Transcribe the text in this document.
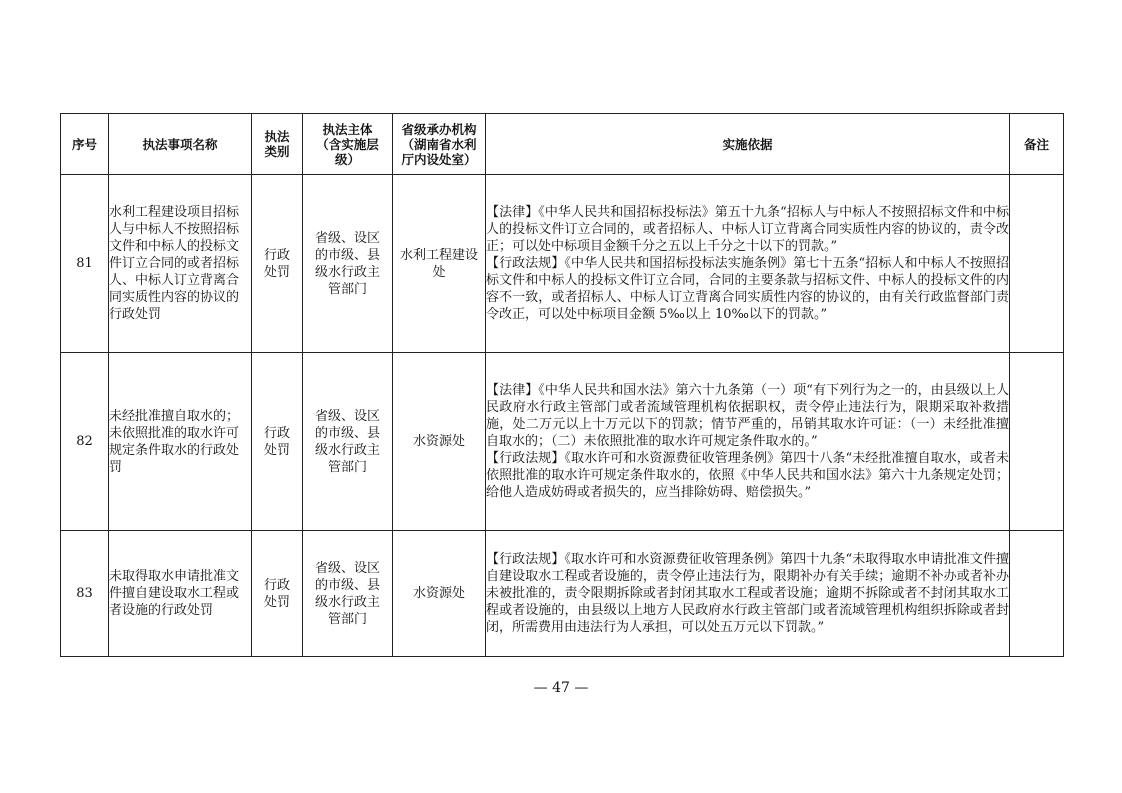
序号	执法事项名称	执法类别	执法主体（含实施层级）	省级承办机构（湖南省水利厅内设处室）	实施依据	备注
81	水利工程建设项目招标人与中标人不按照招标文件和中标人的投标文件订立合同的或者招标人、中标人订立背离合同实质性内容的协议的行政处罚	行政处罚	省级、设区的市级、县级水行政主管部门	水利工程建设处	【法律】《中华人民共和国招标投标法》第五十九条“招标人与中标人不按照招标文件和中标人的投标文件订立合同的，或者招标人、中标人订立背离合同实质性内容的协议的，责令改正；可以处中标项目金额千分之五以上千分之十以下的罚款。”
【行政法规】《中华人民共和国招标投标法实施条例》第七十五条“招标人和中标人不按照招标文件和中标人的投标文件订立合同，合同的主要条款与招标文件、中标人的投标文件的内容不一致，或者招标人、中标人订立背离合同实质性内容的协议的，由有关行政监督部门责令改正，可以处中标项目金额 5‰以上 10‰以下的罚款。”	

82	未经批准擅自取水的；未依照批准的取水许可规定条件取水的行政处罚	行政处罚	省级、设区的市级、县级水行政主管部门	水资源处	【法律】《中华人民共和国水法》第六十九条第（一）项“有下列行为之一的，由县级以上人民政府水行政主管部门或者流域管理机构依据职权，责令停止违法行为，限期采取补救措施，处二万元以上十万元以下的罚款；情节严重的，吊销其取水许可证：（一）未经批准擅自取水的；（二）未依照批准的取水许可规定条件取水的。”
【行政法规】《取水许可和水资源费征收管理条例》第四十八条“未经批准擅自取水，或者未依照批准的取水许可规定条件取水的，依照《中华人民共和国水法》第六十九条规定处罚；给他人造成妨碍或者损失的，应当排除妨碍、赔偿损失。”	

83	未取得取水申请批准文件擅自建设取水工程或者设施的行政处罚	行政处罚	省级、设区的市级、县级水行政主管部门	水资源处	【行政法规】《取水许可和水资源费征收管理条例》第四十九条“未取得取水申请批准文件擅自建设取水工程或者设施的，责令停止违法行为，限期补办有关手续；逾期不补办或者补办未被批准的，责令限期拆除或者封闭其取水工程或者设施；逾期不拆除或者不封闭其取水工程或者设施的，由县级以上地方人民政府水行政主管部门或者流域管理机构组织拆除或者封闭，所需费用由违法行为人承担，可以处五万元以下罚款。”	

— 47 —
